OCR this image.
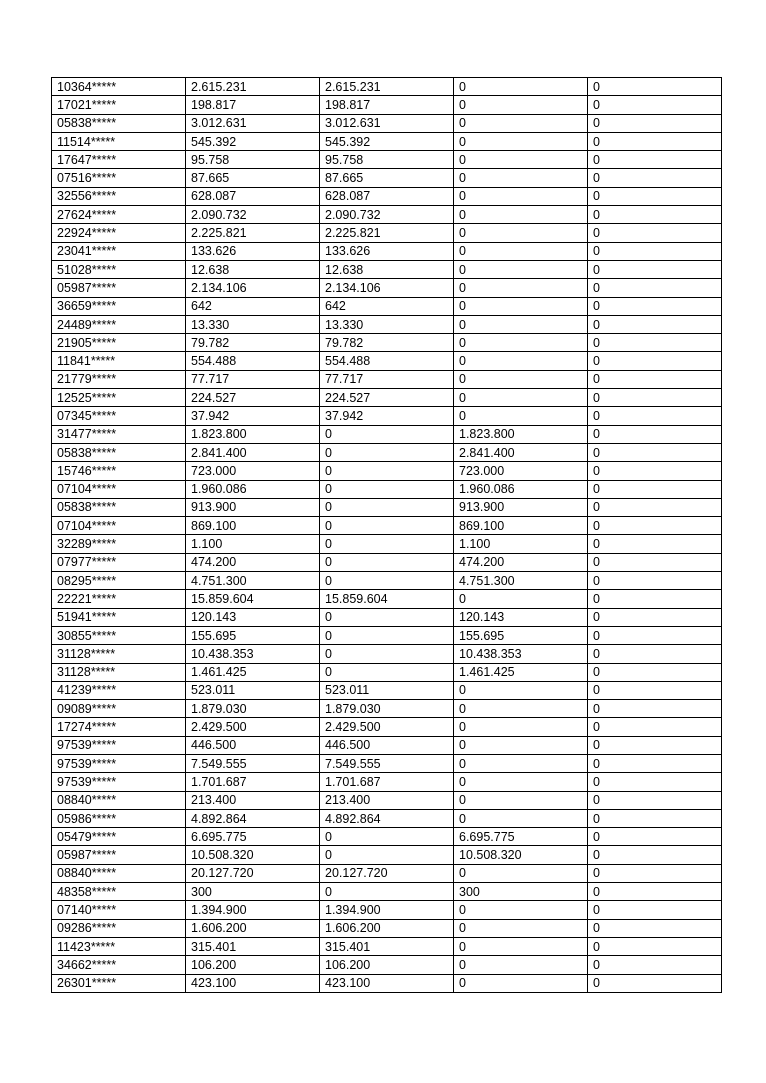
10364*****	2.615.231	2.615.231	0	0
17021*****	198.817	198.817	0	0
05838*****	3.012.631	3.012.631	0	0
11514*****	545.392	545.392	0	0
17647*****	95.758	95.758	0	0
07516*****	87.665	87.665	0	0
32556*****	628.087	628.087	0	0
27624*****	2.090.732	2.090.732	0	0
22924*****	2.225.821	2.225.821	0	0
23041*****	133.626	133.626	0	0
51028*****	12.638	12.638	0	0
05987*****	2.134.106	2.134.106	0	0
36659*****	642	642	0	0
24489*****	13.330	13.330	0	0
21905*****	79.782	79.782	0	0
11841*****	554.488	554.488	0	0
21779*****	77.717	77.717	0	0
12525*****	224.527	224.527	0	0
07345*****	37.942	37.942	0	0
31477*****	1.823.800	0	1.823.800	0
05838*****	2.841.400	0	2.841.400	0
15746*****	723.000	0	723.000	0
07104*****	1.960.086	0	1.960.086	0
05838*****	913.900	0	913.900	0
07104*****	869.100	0	869.100	0
32289*****	1.100	0	1.100	0
07977*****	474.200	0	474.200	0
08295*****	4.751.300	0	4.751.300	0
22221*****	15.859.604	15.859.604	0	0
51941*****	120.143	0	120.143	0
30855*****	155.695	0	155.695	0
31128*****	10.438.353	0	10.438.353	0
31128*****	1.461.425	0	1.461.425	0
41239*****	523.011	523.011	0	0
09089*****	1.879.030	1.879.030	0	0
17274*****	2.429.500	2.429.500	0	0
97539*****	446.500	446.500	0	0
97539*****	7.549.555	7.549.555	0	0
97539*****	1.701.687	1.701.687	0	0
08840*****	213.400	213.400	0	0
05986*****	4.892.864	4.892.864	0	0
05479*****	6.695.775	0	6.695.775	0
05987*****	10.508.320	0	10.508.320	0
08840*****	20.127.720	20.127.720	0	0
48358*****	300	0	300	0
07140*****	1.394.900	1.394.900	0	0
09286*****	1.606.200	1.606.200	0	0
11423*****	315.401	315.401	0	0
34662*****	106.200	106.200	0	0
26301*****	423.100	423.100	0	0
